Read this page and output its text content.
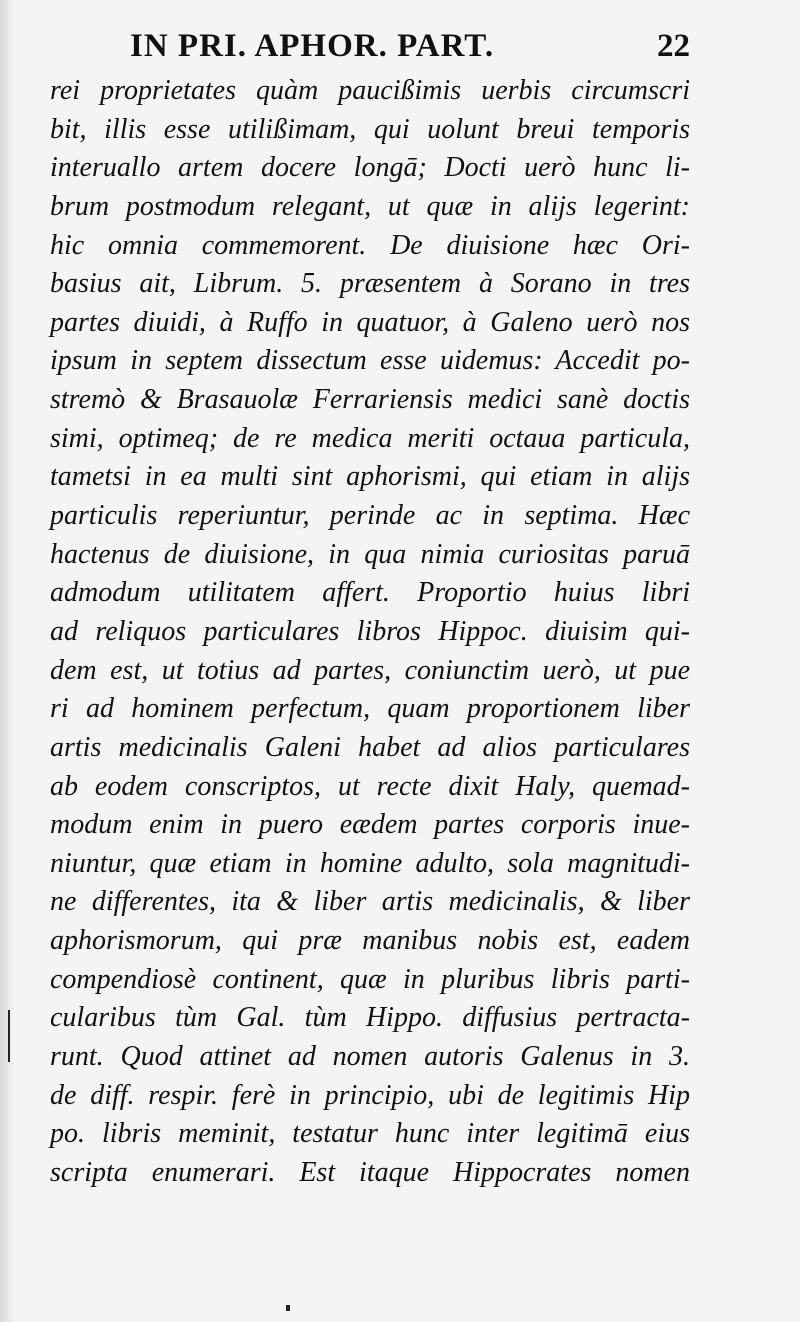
IN PRI. APHOR. PART.	22
rei proprietates quàm paucißimis uerbis circumscri
bit, illis esse utilißimam, qui uolunt breui temporis
interuallo artem docere longā; Docti uerò hunc li-
brum postmodum relegant, ut quæ in alijs legerint:
hic omnia commemorent. De diuisione hæc Ori-
basius ait, Librum. 5. præsentem à Sorano in tres
partes diuidi, à Ruffo in quatuor, à Galeno uerò nos
ipsum in septem dissectum esse uidemus: Accedit po-
stremò & Brasauolæ Ferrariensis medici sanè doctis
simi, optimeq; de re medica meriti octaua particula,
tametsi in ea multi sint aphorismi, qui etiam in alijs
particulis reperiuntur, perinde ac in septima. Hæc
hactenus de diuisione, in qua nimia curiositas paruā
admodum utilitatem affert. Proportio huius libri
ad reliquos particulares libros Hippoc. diuisim qui-
dem est, ut totius ad partes, coniunctim uerò, ut pue
ri ad hominem perfectum, quam proportionem liber
artis medicinalis Galeni habet ad alios particulares
ab eodem conscriptos, ut recte dixit Haly, quemad-
modum enim in puero eædem partes corporis inue-
niuntur, quæ etiam in homine adulto, sola magnitudi-
ne differentes, ita & liber artis medicinalis, & liber
aphorismorum, qui præ manibus nobis est, eadem
compendiosè continent, quæ in pluribus libris parti-
cularibus tùm Gal. tùm Hippo. diffusius pertracta-
runt. Quod attinet ad nomen autoris Galenus in 3.
de diff. respir. ferè in principio, ubi de legitimis Hip
po. libris meminit, testatur hunc inter legitimā eius
scripta enumerari. Est itaque Hippocrates nomen
